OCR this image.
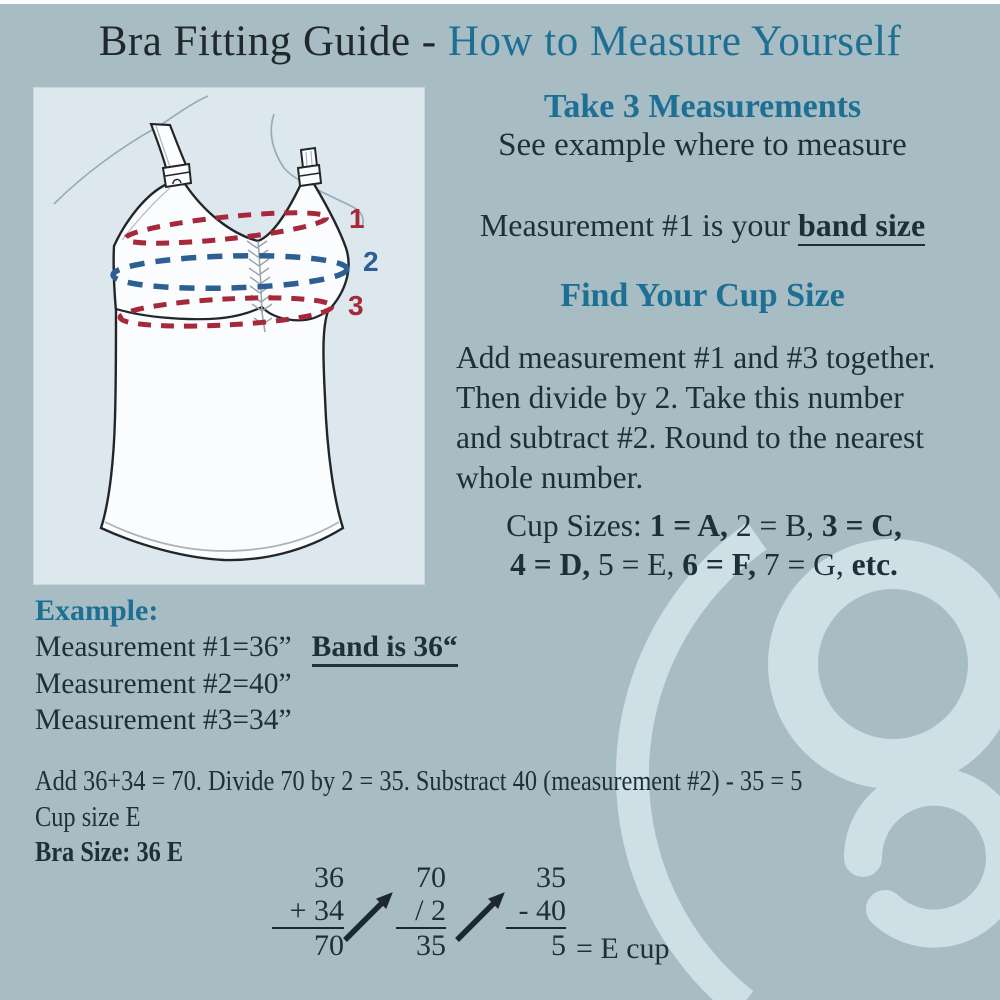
Bra Fitting Guide - How to Measure Yourself
1
2
3
Take 3 Measurements
See example where to measure
Measurement #1 is your band size
Find Your Cup Size
Add measurement #1 and #3 together.
Then divide by 2. Take this number
and subtract #2. Round to the nearest
whole number.
Cup Sizes: 1 = A, 2 = B, 3 = C,
4 = D, 5 = E, 6 = F, 7 = G, etc.
Example:
Measurement #1=36” Band is 36“
Measurement #2=40”
Measurement #3=34”
Add 36+34 = 70. Divide 70 by 2 = 35. Substract 40 (measurement #2) - 35 = 5
Cup size E
Bra Size: 36 E
36
+ 34
70
70
/ 2
35
35
- 40
5 = E cup
